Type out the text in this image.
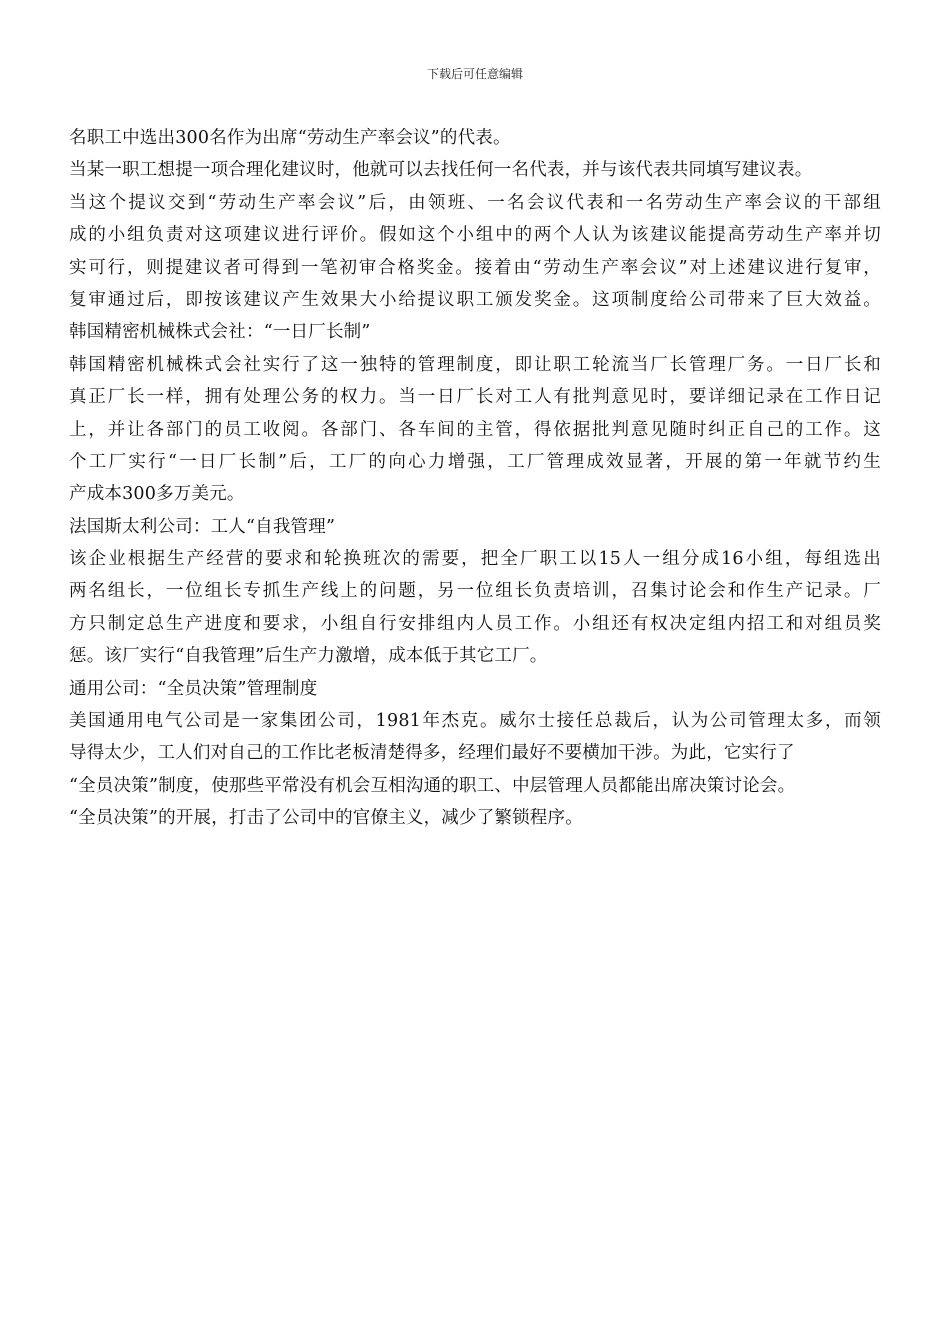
下载后可任意编辑
名职工中选出300名作为出席“劳动生产率会议”的代表。
当某一职工想提一项合理化建议时，他就可以去找任何一名代表，并与该代表共同填写建议表。
当这个提议交到“劳动生产率会议”后，由领班、一名会议代表和一名劳动生产率会议的干部组
成的小组负责对这项建议进行评价。假如这个小组中的两个人认为该建议能提高劳动生产率并切
实可行，则提建议者可得到一笔初审合格奖金。接着由“劳动生产率会议”对上述建议进行复审，
复审通过后，即按该建议产生效果大小给提议职工颁发奖金。这项制度给公司带来了巨大效益。
韩国精密机械株式会社：“一日厂长制”
韩国精密机械株式会社实行了这一独特的管理制度，即让职工轮流当厂长管理厂务。一日厂长和
真正厂长一样，拥有处理公务的权力。当一日厂长对工人有批判意见时，要详细记录在工作日记
上，并让各部门的员工收阅。各部门、各车间的主管，得依据批判意见随时纠正自己的工作。这
个工厂实行“一日厂长制”后，工厂的向心力增强，工厂管理成效显著，开展的第一年就节约生
产成本300多万美元。
法国斯太利公司：工人“自我管理”
该企业根据生产经营的要求和轮换班次的需要，把全厂职工以15人一组分成16小组，每组选出
两名组长，一位组长专抓生产线上的问题，另一位组长负责培训，召集讨论会和作生产记录。厂
方只制定总生产进度和要求，小组自行安排组内人员工作。小组还有权决定组内招工和对组员奖
惩。该厂实行“自我管理”后生产力激增，成本低于其它工厂。
通用公司：“全员决策”管理制度
美国通用电气公司是一家集团公司，1981年杰克。威尔士接任总裁后，认为公司管理太多，而领
导得太少，工人们对自己的工作比老板清楚得多，经理们最好不要横加干涉。为此，它实行了
“全员决策”制度，使那些平常没有机会互相沟通的职工、中层管理人员都能出席决策讨论会。
“全员决策”的开展，打击了公司中的官僚主义，减少了繁锁程序。
